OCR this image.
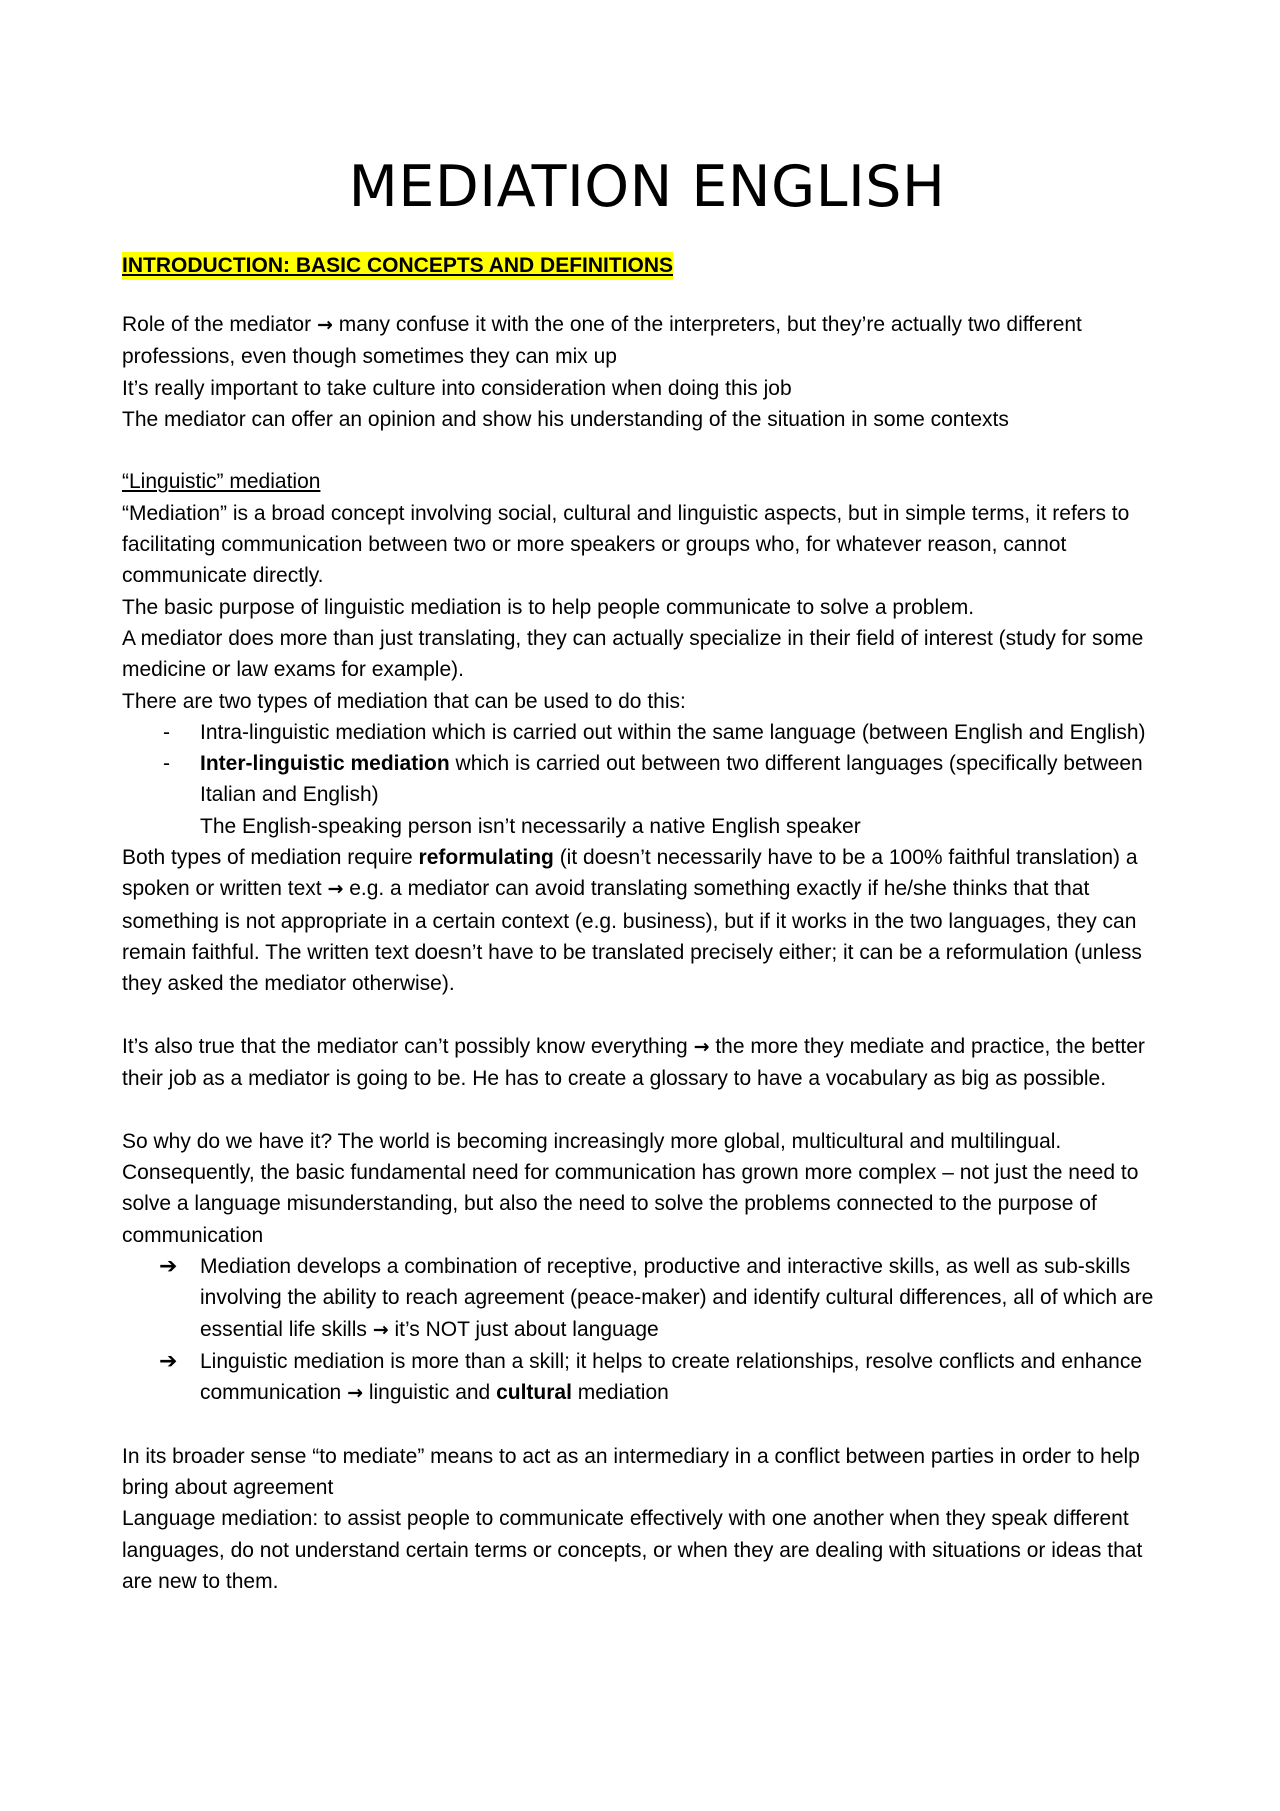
MEDIATION ENGLISH
INTRODUCTION: BASIC CONCEPTS AND DEFINITIONS

Role of the mediator → many confuse it with the one of the interpreters, but they’re actually two different professions, even though sometimes they can mix up

It’s really important to take culture into consideration when doing this job

The mediator can offer an opinion and show his understanding of the situation in some contexts

“Linguistic” mediation

“Mediation” is a broad concept involving social, cultural and linguistic aspects, but in simple terms, it refers to facilitating communication between two or more speakers or groups who, for whatever reason, cannot communicate directly.

The basic purpose of linguistic mediation is to help people communicate to solve a problem.

A mediator does more than just translating, they can actually specialize in their field of interest (study for some medicine or law exams for example).

There are two types of mediation that can be used to do this:

- Intra-linguistic mediation which is carried out within the same language (between English and English)
- Inter-linguistic mediation which is carried out between two different languages (specifically between Italian and English)

The English-speaking person isn’t necessarily a native English speaker

Both types of mediation require reformulating (it doesn’t necessarily have to be a 100% faithful translation) a spoken or written text → e.g. a mediator can avoid translating something exactly if he/she thinks that that something is not appropriate in a certain context (e.g. business), but if it works in the two languages, they can remain faithful. The written text doesn’t have to be translated precisely either; it can be a reformulation (unless they asked the mediator otherwise).

It’s also true that the mediator can’t possibly know everything → the more they mediate and practice, the better their job as a mediator is going to be. He has to create a glossary to have a vocabulary as big as possible.

So why do we have it? The world is becoming increasingly more global, multicultural and multilingual. Consequently, the basic fundamental need for communication has grown more complex – not just the need to solve a language misunderstanding, but also the need to solve the problems connected to the purpose of communication

➔ Mediation develops a combination of receptive, productive and interactive skills, as well as sub-skills involving the ability to reach agreement (peace-maker) and identify cultural differences, all of which are essential life skills → it’s NOT just about language
➔ Linguistic mediation is more than a skill; it helps to create relationships, resolve conflicts and enhance communication → linguistic and cultural mediation

In its broader sense “to mediate” means to act as an intermediary in a conflict between parties in order to help bring about agreement

Language mediation: to assist people to communicate effectively with one another when they speak different languages, do not understand certain terms or concepts, or when they are dealing with situations or ideas that are new to them.
